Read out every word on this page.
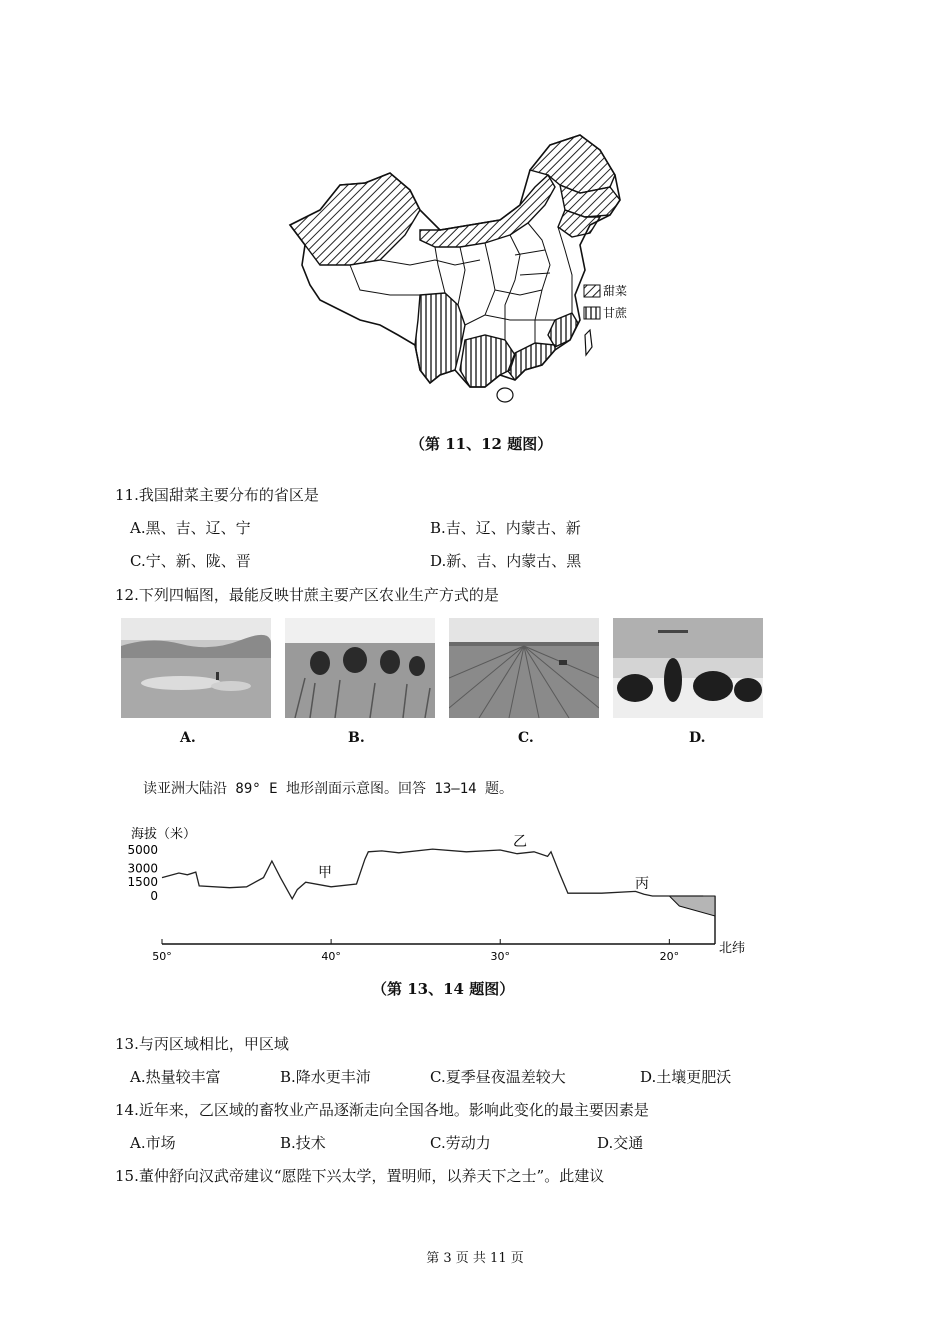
甜菜
甘蔗
（第 11、12 题图）
11.我国甜菜主要分布的省区是
A.黑、吉、辽、宁	B.吉、辽、内蒙古、新
C.宁、新、陇、晋	D.新、吉、内蒙古、黑
12.下列四幅图，最能反映甘蔗主要产区农业生产方式的是
A.	B.	C.	D.
读亚洲大陆沿 89° E 地形剖面示意图。回答 13—14 题。
海拔（米）
5000
3000
1500
0
50°	40°	30°	20°
北纬
甲
乙
丙
（第 13、14 题图）
13.与丙区域相比，甲区域
A.热量较丰富	B.降水更丰沛	C.夏季昼夜温差较大	D.土壤更肥沃
14.近年来，乙区域的畜牧业产品逐渐走向全国各地。影响此变化的最主要因素是
A.市场	B.技术	C.劳动力	D.交通
15.董仲舒向汉武帝建议“愿陛下兴太学，置明师，以养天下之士”。此建议
第 3 页 共 11 页
